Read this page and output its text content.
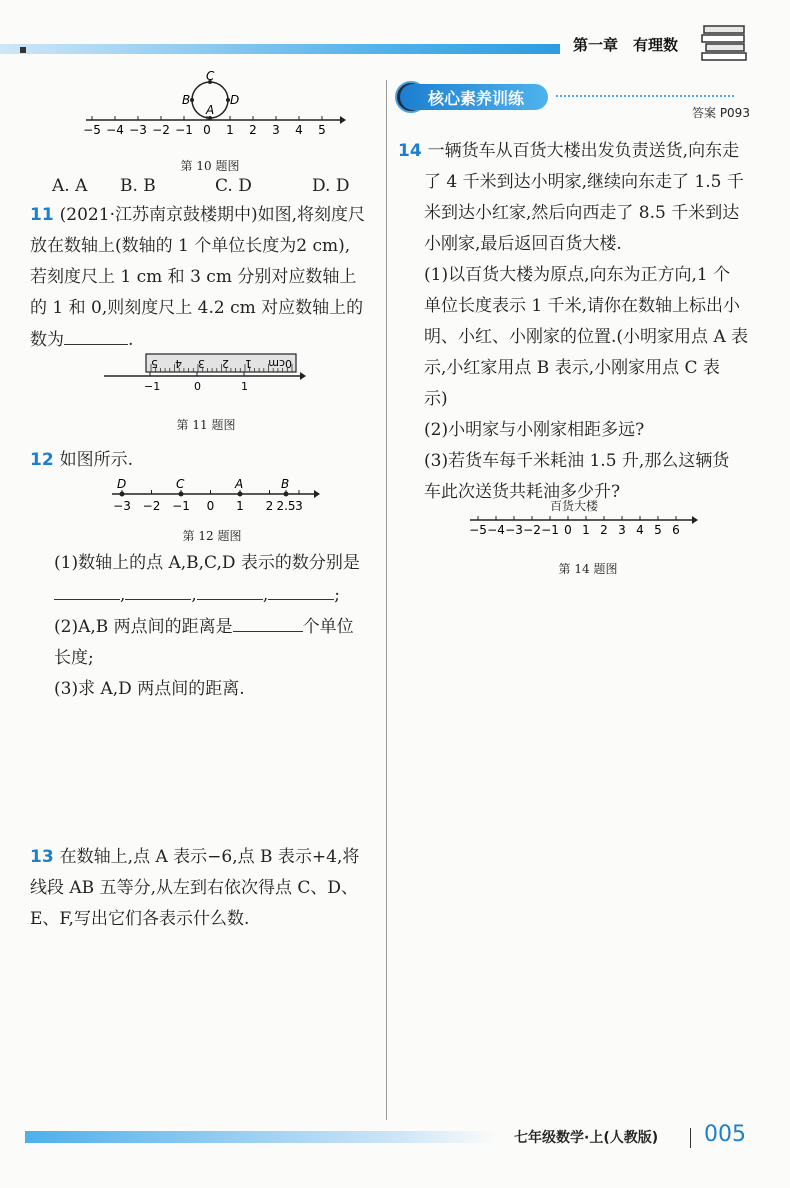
第一章　有理数
−5 −4 −3 −2 −1 0 1 2 3 4 5
C
B
A
D
第 10 题图
A. A B. B	C. D	D. D
11 (2021·江苏南京鼓楼期中)如图,将刻度尺
放在数轴上(数轴的 1 个单位长度为2 cm),
若刻度尺上 1 cm 和 3 cm 分别对应数轴上
的 1 和 0,则刻度尺上 4.2 cm 对应数轴上的
数为	.
−1	0	1
5 4 3 2 1 0cm
第 11 题图
12 如图所示.
−3 −2 −1 0 1 2 2.5 3
D	C	A	B
第 12 题图
(1)数轴上的点 A,B,C,D 表示的数分别是
,	,	,	;
(2)A,B 两点间的距离是	个单位
长度;
(3)求 A,D 两点间的距离.
13 在数轴上,点 A 表示−6,点 B 表示+4,将
线段 AB 五等分,从左到右依次得点 C、D、
E、F,写出它们各表示什么数.
核心素养训练
答案 P093
14 一辆货车从百货大楼出发负责送货,向东走
了 4 千米到达小明家,继续向东走了 1.5 千
米到达小红家,然后向西走了 8.5 千米到达
小刚家,最后返回百货大楼.
(1)以百货大楼为原点,向东为正方向,1 个
单位长度表示 1 千米,请你在数轴上标出小
明、小红、小刚家的位置.(小明家用点 A 表
示,小红家用点 B 表示,小刚家用点 C 表
示)
(2)小明家与小刚家相距多远?
(3)若货车每千米耗油 1.5 升,那么这辆货
车此次送货共耗油多少升?
百货大楼
−5 −4 −3 −2 −1 0 1 2 3 4 5 6
第 14 题图
七年级数学·上(人教版) 005
